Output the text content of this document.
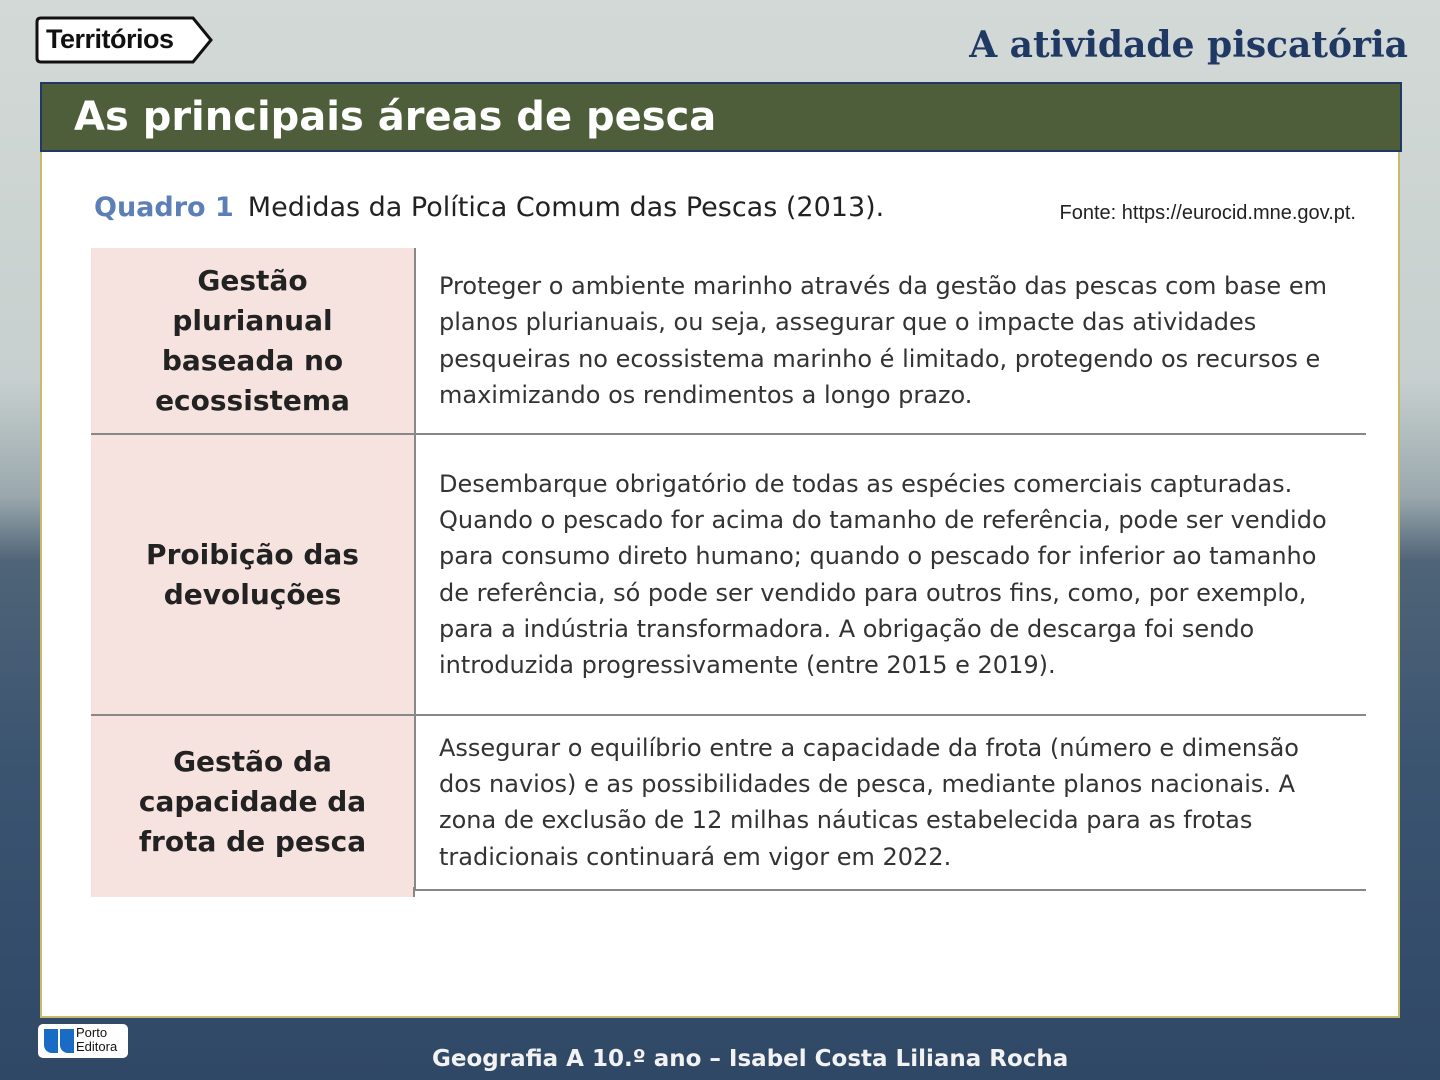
Territórios	A atividade piscatória
As principais áreas de pesca
Quadro 1 Medidas da Política Comum das Pescas (2013).	Fonte: https://eurocid.mne.gov.pt.
Gestão plurianual baseada no ecossistema	Proteger o ambiente marinho através da gestão das pescas com base em planos plurianuais, ou seja, assegurar que o impacte das atividades pesqueiras no ecossistema marinho é limitado, protegendo os recursos e maximizando os rendimentos a longo prazo.
Proibição das devoluções	Desembarque obrigatório de todas as espécies comerciais capturadas. Quando o pescado for acima do tamanho de referência, pode ser vendido para consumo direto humano; quando o pescado for inferior ao tamanho de referência, só pode ser vendido para outros fins, como, por exemplo, para a indústria transformadora. A obrigação de descarga foi sendo introduzida progressivamente (entre 2015 e 2019).
Gestão da capacidade da frota de pesca	Assegurar o equilíbrio entre a capacidade da frota (número e dimensão dos navios) e as possibilidades de pesca, mediante planos nacionais. A zona de exclusão de 12 milhas náuticas estabelecida para as frotas tradicionais continuará em vigor em 2022.
Porto
Editora	Geografia A 10.º ano – Isabel Costa Liliana Rocha
